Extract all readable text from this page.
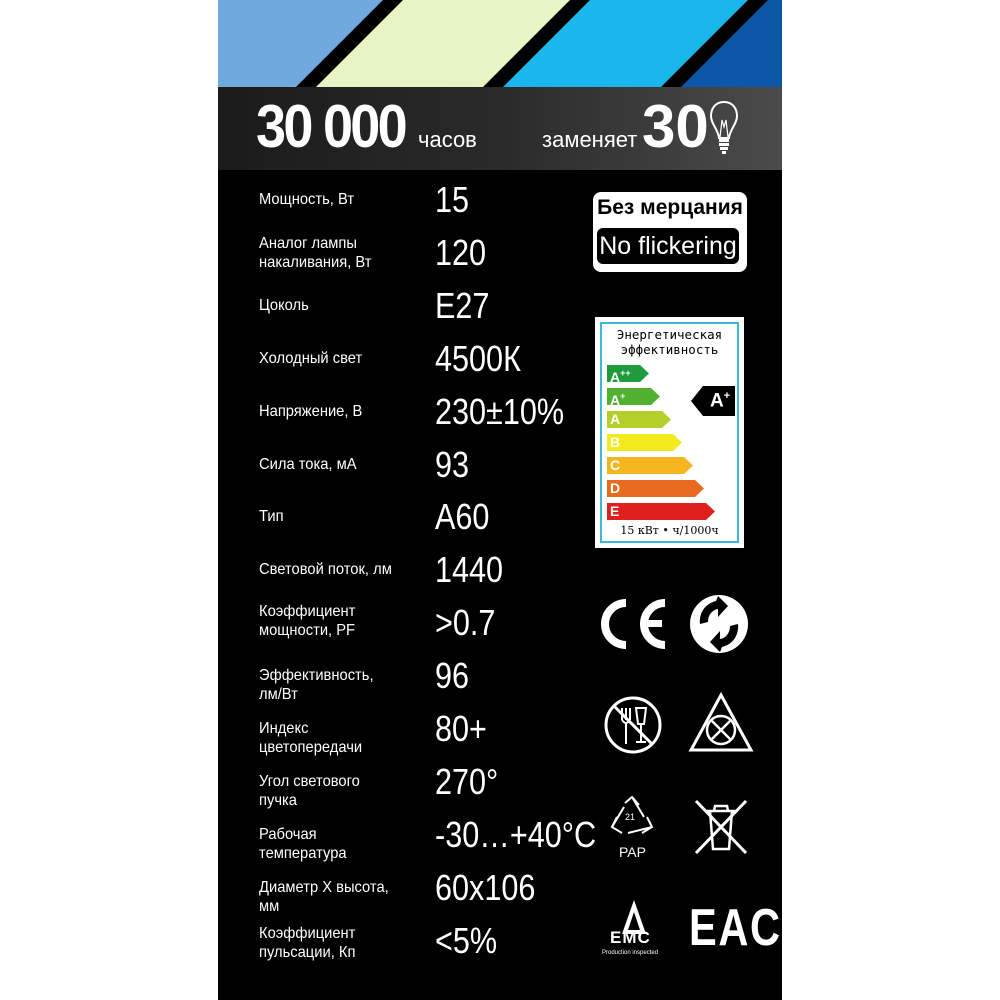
30 000 часов	заменяет 30
Мощность, Вт	15
Аналог лампы
накаливания, Вт	120
Цоколь	E27
Холодный свет	4500К
Напряжение, В	230±10%
Сила тока, мА	93
Тип	A60
Световой поток, лм 1440
Коэффициент
мощности, PF	>0.7
Эффективность, лм/Вт	96
Индекс цветопередачи	80+
Угол светового пучка	270°
Рабочая температура	-30…+40°C
Диаметр Х высота, мм	60x106
Коэффициент
пульсации, Кп	<5%
Без мерцания
No flickering
Энергетическая
эффективность
A++
A+
A
B
C
D
E
A+
15 кВт • ч/1000ч
21
PAP
EMC
Production inspected EAC
